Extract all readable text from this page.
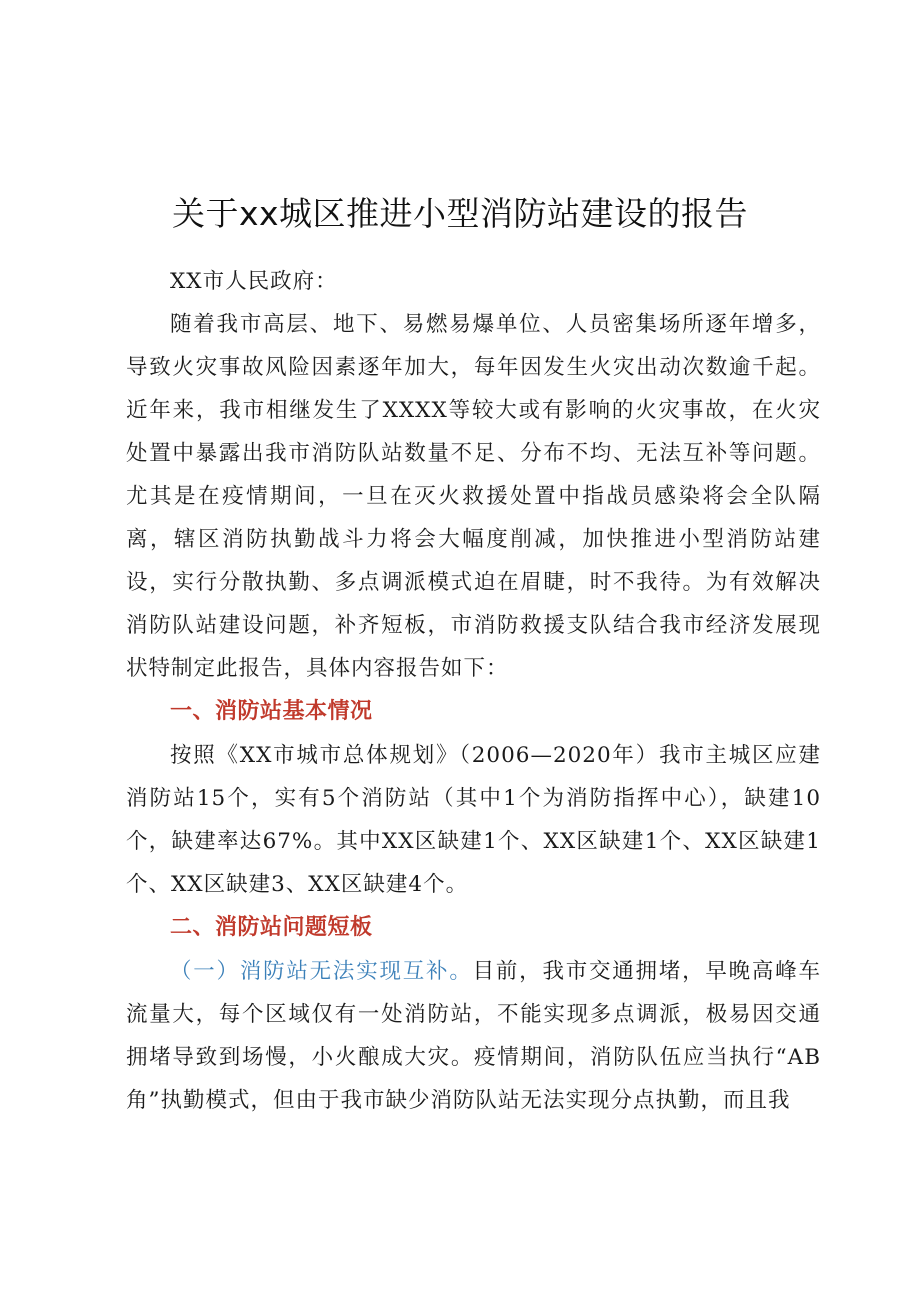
关于xx城区推进小型消防站建设的报告

XX市人民政府：

随着我市高层、地下、易燃易爆单位、人员密集场所逐年增多，导致火灾事故风险因素逐年加大，每年因发生火灾出动次数逾千起。近年来，我市相继发生了XXXX等较大或有影响的火灾事故，在火灾处置中暴露出我市消防队站数量不足、分布不均、无法互补等问题。尤其是在疫情期间，一旦在灭火救援处置中指战员感染将会全队隔离，辖区消防执勤战斗力将会大幅度削减，加快推进小型消防站建设，实行分散执勤、多点调派模式迫在眉睫，时不我待。为有效解决消防队站建设问题，补齐短板，市消防救援支队结合我市经济发展现状特制定此报告，具体内容报告如下：

一、消防站基本情况

按照《XX市城市总体规划》（2006—2020年）我市主城区应建消防站15个，实有5个消防站（其中1个为消防指挥中心），缺建10个，缺建率达67%。其中XX区缺建1个、XX区缺建1个、XX区缺建1个、XX区缺建3、XX区缺建4个。

二、消防站问题短板

（一）消防站无法实现互补。目前，我市交通拥堵，早晚高峰车流量大，每个区域仅有一处消防站，不能实现多点调派，极易因交通拥堵导致到场慢，小火酿成大灾。疫情期间，消防队伍应当执行“AB角”执勤模式，但由于我市缺少消防队站无法实现分点执勤，而且我
